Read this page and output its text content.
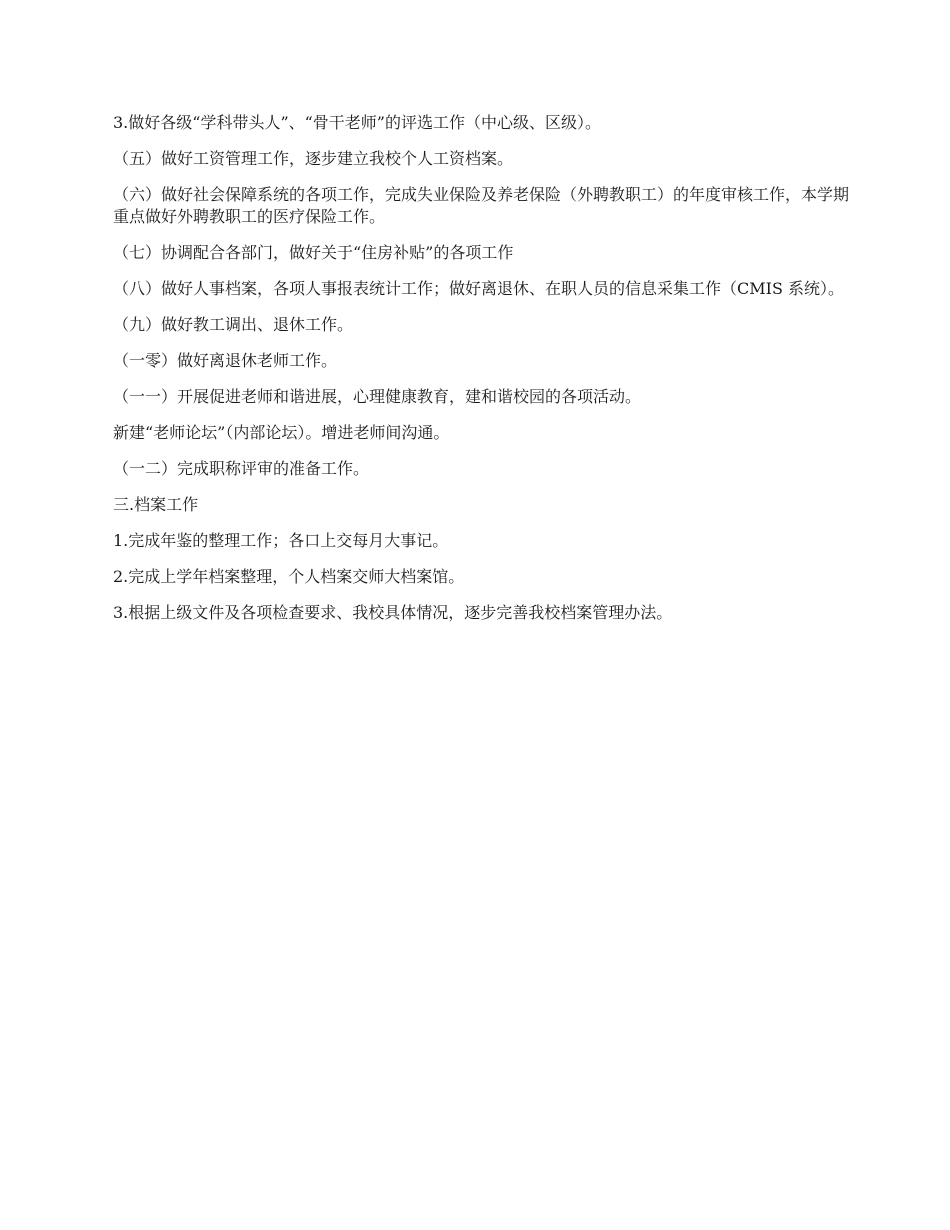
3.做好各级“学科带头人”、“骨干老师”的评选工作（中心级、区级）。

（五）做好工资管理工作，逐步建立我校个人工资档案。

（六）做好社会保障系统的各项工作，完成失业保险及养老保险（外聘教职工）的年度审核工作，本学期重点做好外聘教职工的医疗保险工作。

（七）协调配合各部门，做好关于“住房补贴”的各项工作

（八）做好人事档案，各项人事报表统计工作；做好离退休、在职人员的信息采集工作（CMIS 系统）。

（九）做好教工调出、退休工作。

（一零）做好离退休老师工作。

（一一）开展促进老师和谐进展，心理健康教育，建和谐校园的各项活动。

新建“老师论坛”（内部论坛）。增进老师间沟通。

（一二）完成职称评审的准备工作。

三.档案工作

1.完成年鉴的整理工作；各口上交每月大事记。

2.完成上学年档案整理，个人档案交师大档案馆。

3.根据上级文件及各项检查要求、我校具体情况，逐步完善我校档案管理办法。
